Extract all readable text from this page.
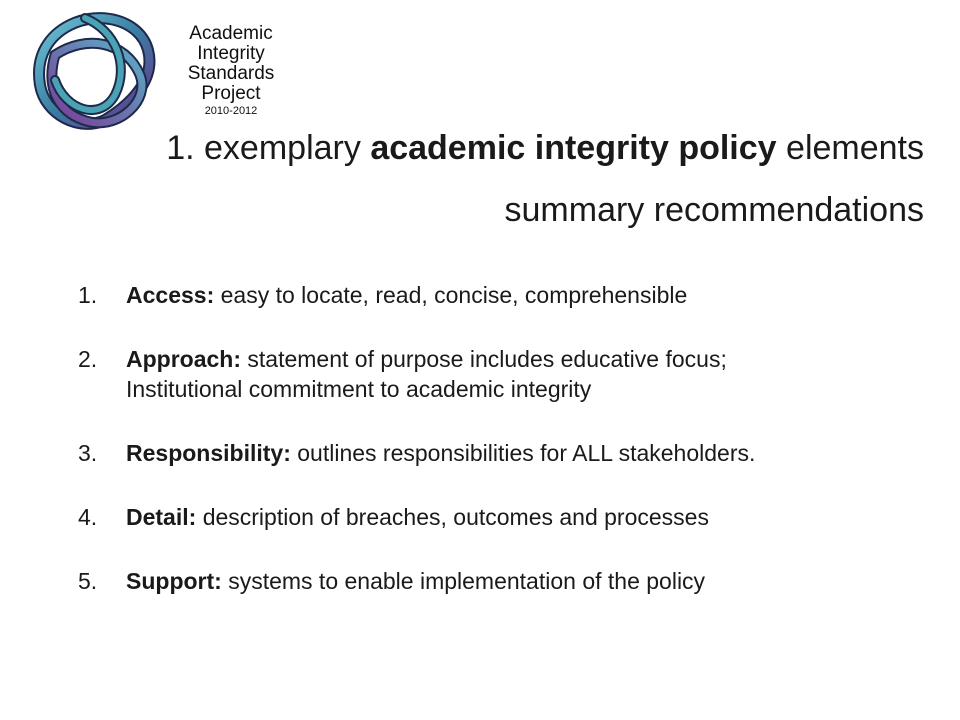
Academic
Integrity
Standards
Project
2010-2012
1. exemplary academic integrity policy elements
summary recommendations
1.	Access: easy to locate, read, concise, comprehensible
2.	Approach: statement of purpose includes educative focus;
Institutional commitment to academic integrity
3.	Responsibility: outlines responsibilities for ALL stakeholders.
4.	Detail: description of breaches, outcomes and processes
5.	Support: systems to enable implementation of the policy
